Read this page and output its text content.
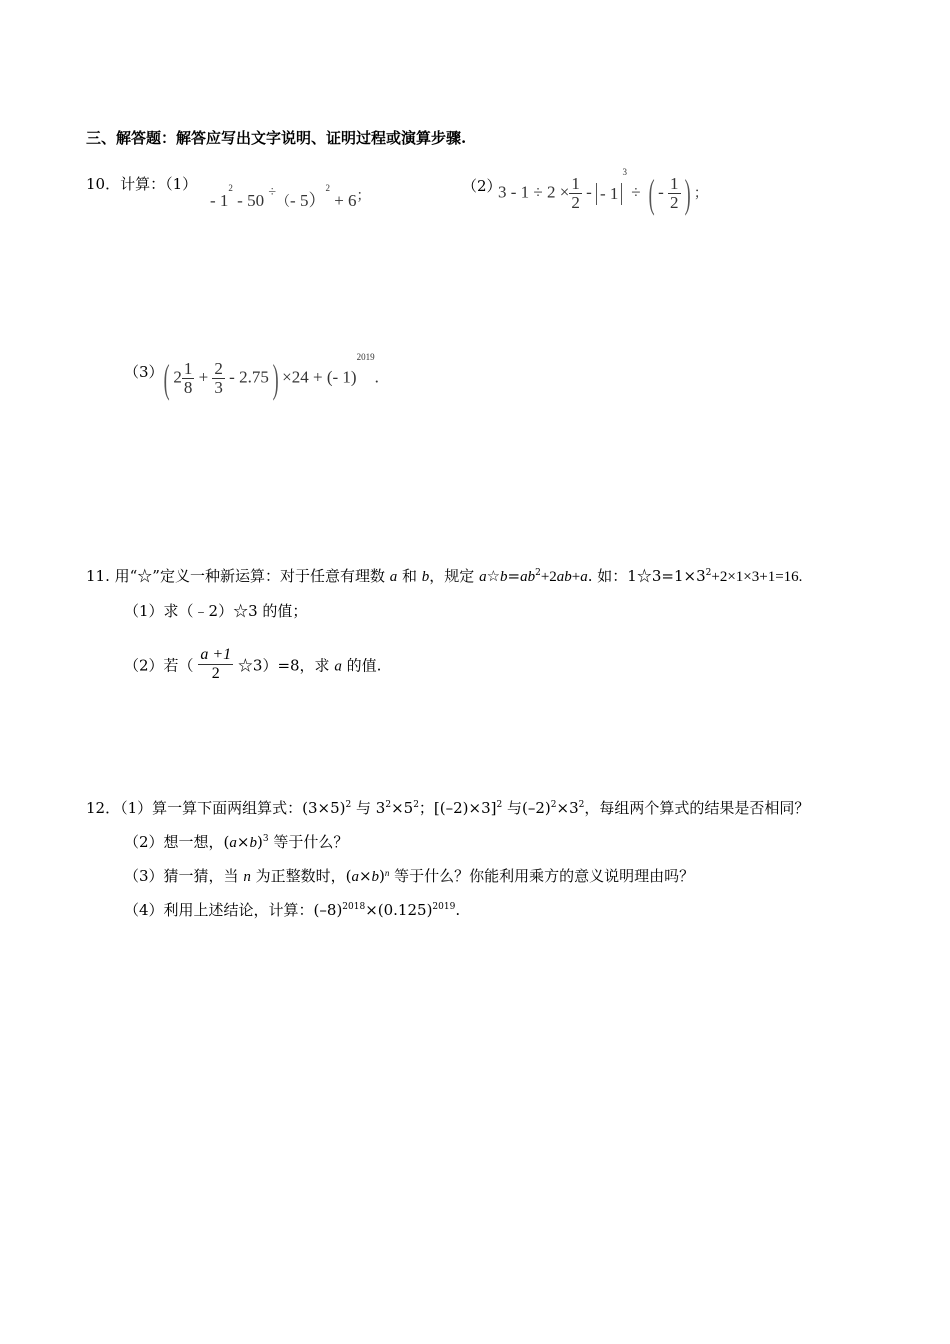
三、解答题：解答应写出文字说明、证明过程或演算步骤.
10．计算：（1）
- $1^2 - 50$ ÷（- 5）$^2$ + 6；
（2）
$3 - 1 \div 2 \times \frac{1}{2}$ - - $1^3$ ÷ ( - $\frac{1}{2}$ ) ；
（3） ( $2 \frac{1}{8} + \frac{2}{3} - 2.75) \times 24$ + (- 1)$^{2019}$.
11. 用“☆”定义一种新运算：对于任意有理数 a 和 b，规定 $a☆b=ab^2+2ab+a$. 如：$1☆3=1\times 3^2+2\times 1\times 3+1=16$.
（1）求（﹣2）☆3 的值；
（2）若（ $\frac{a +1}{2}$ ☆3）=8，求 a 的值.
12．（1）算一算下面两组算式：$(3\times 5)^2$ 与 $3^2\times 5^2$；$[(-2)\times 3]^2$ 与$(-2)^2\times 3^2$，每组两个算式的结果是否相同？
（2）想一想，$(a\times b)^3$ 等于什么？
（3）猜一猜，当 n 为正整数时，$(a\times b)^n$ 等于什么？你能利用乘方的意义说明理由吗？
（4）利用上述结论，计算：$(-8)^{2018}\times(0.125)^{2019}$.
